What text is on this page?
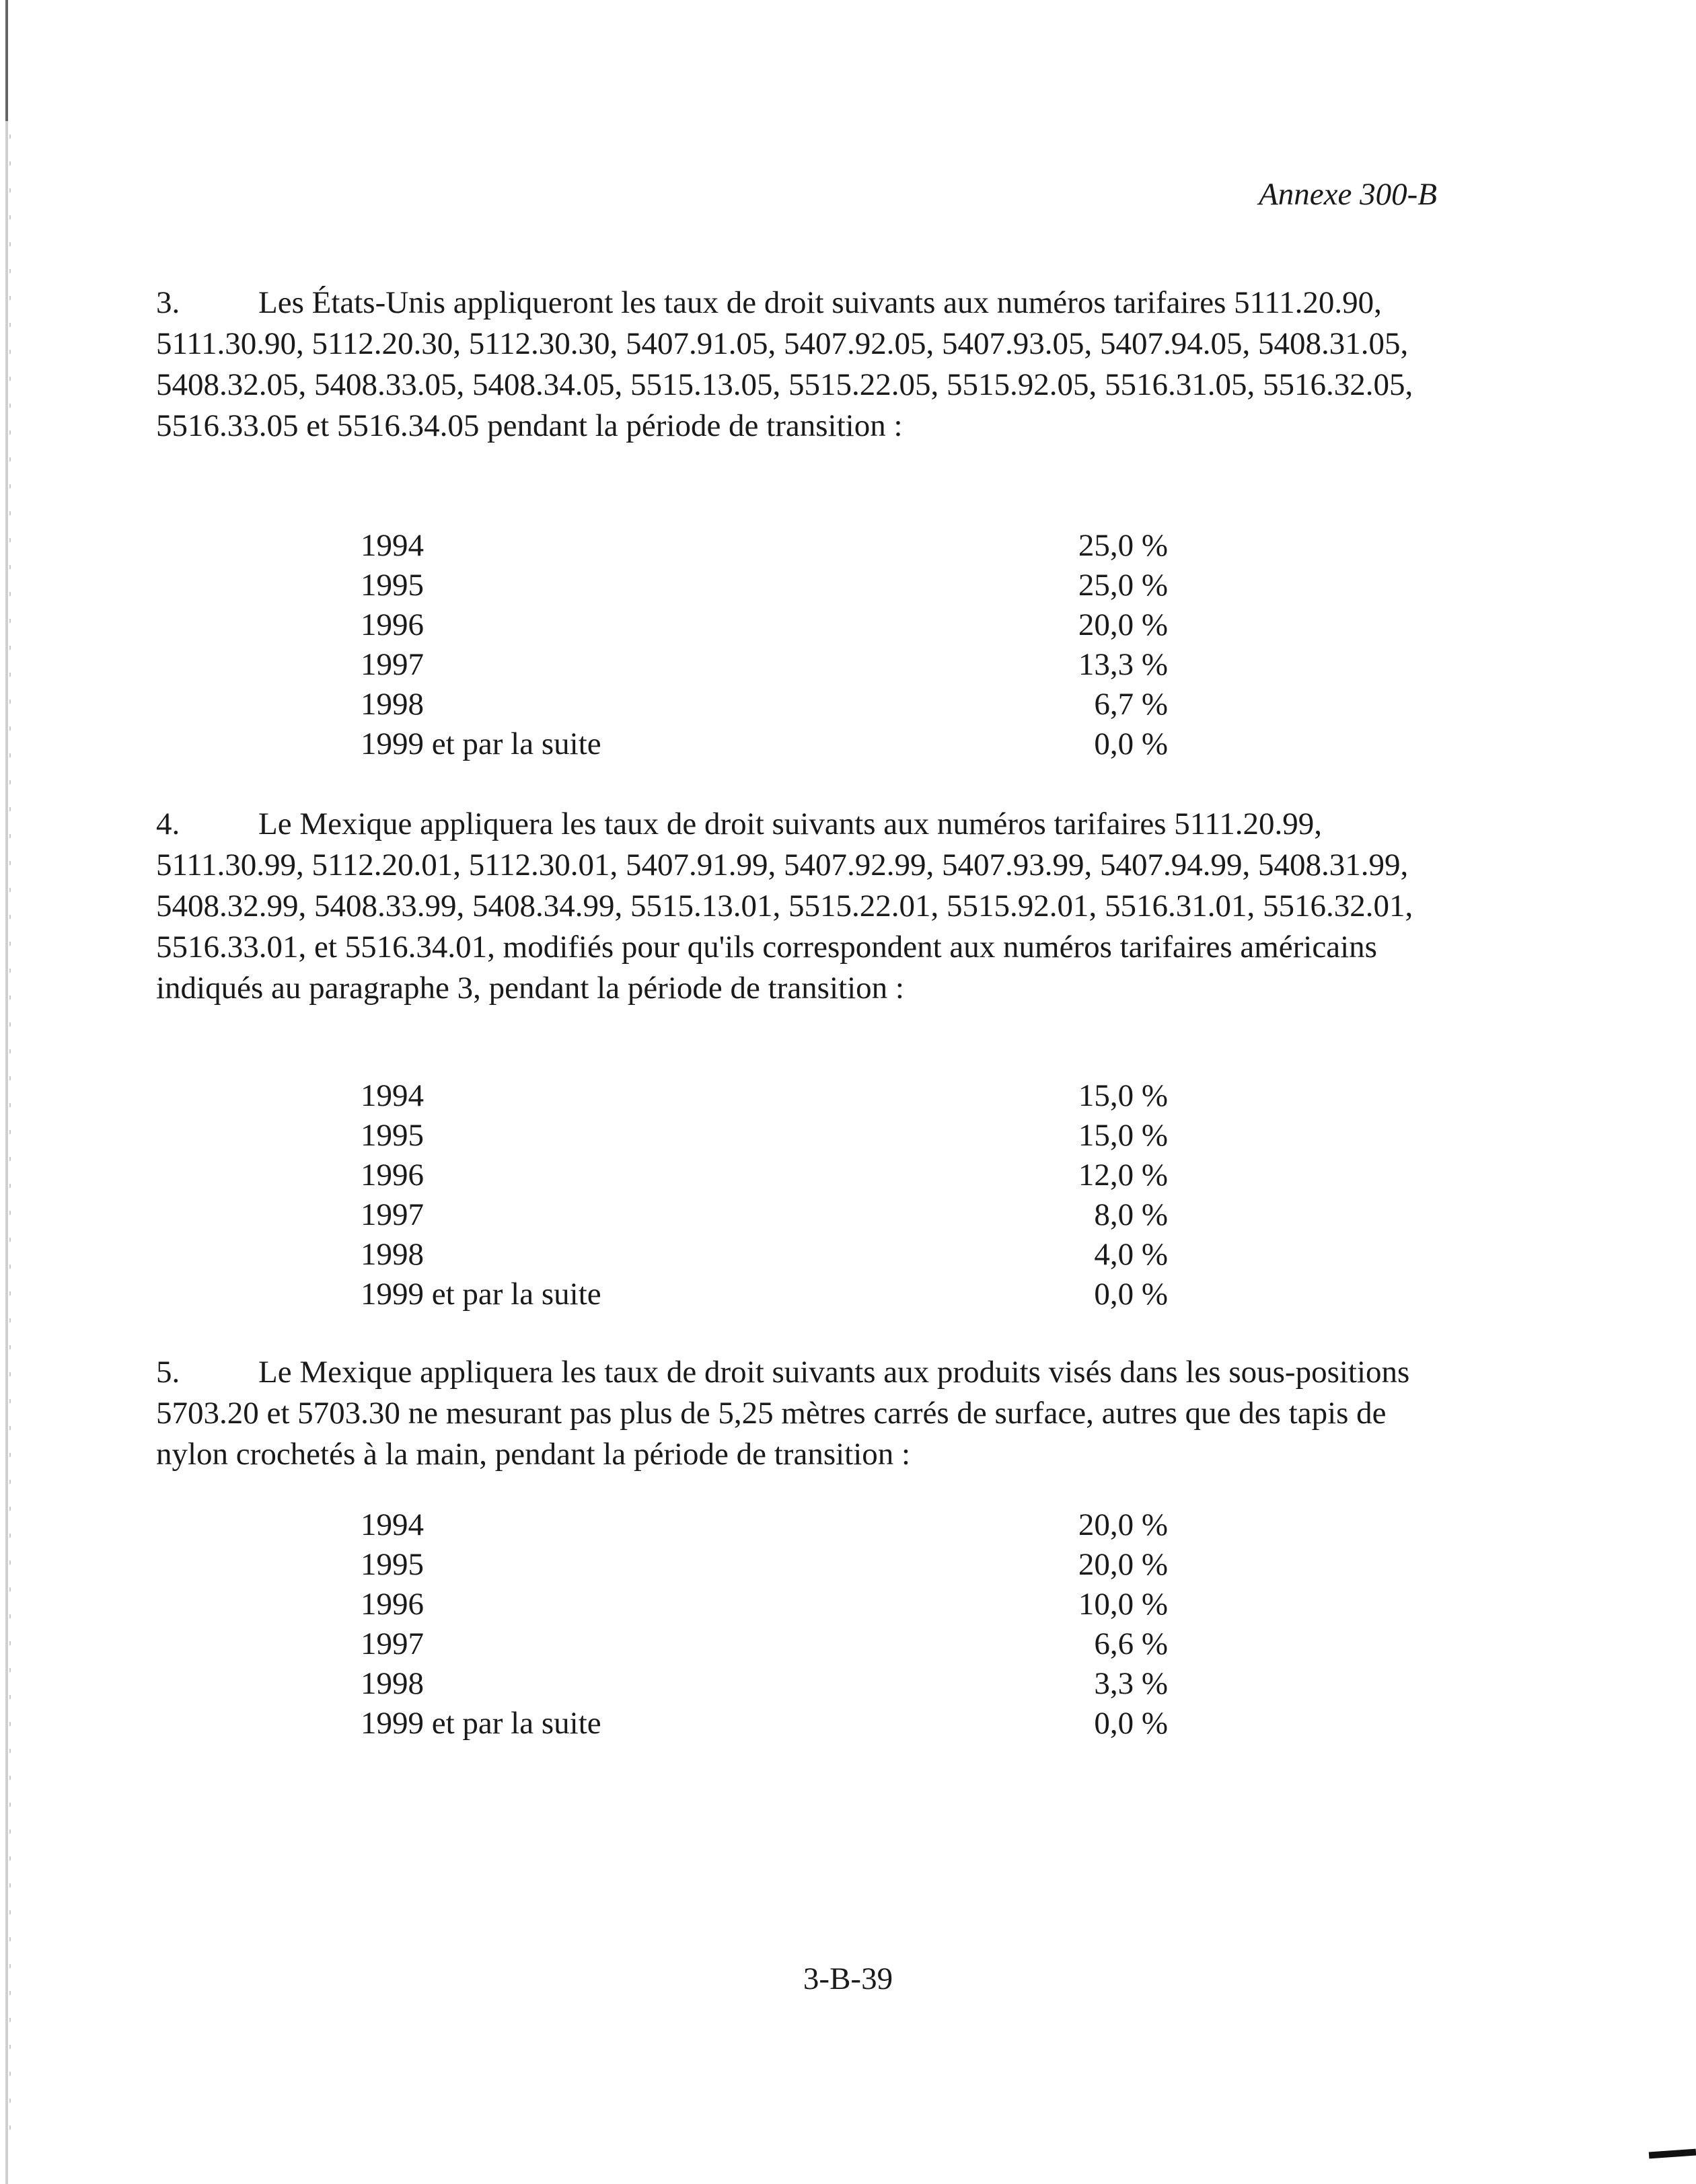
Annexe 300-B
3. Les États-Unis appliqueront les taux de droit suivants aux numéros tarifaires 5111.20.90, 5111.30.90, 5112.20.30, 5112.30.30, 5407.91.05, 5407.92.05, 5407.93.05, 5407.94.05, 5408.31.05, 5408.32.05, 5408.33.05, 5408.34.05, 5515.13.05, 5515.22.05, 5515.92.05, 5516.31.05, 5516.32.05, 5516.33.05 et 5516.34.05 pendant la période de transition :
1994	25,0 %
1995	25,0 %
1996	20,0 %
1997	13,3 %
1998	6,7 %
1999 et par la suite	0,0 %
4. Le Mexique appliquera les taux de droit suivants aux numéros tarifaires 5111.20.99, 5111.30.99, 5112.20.01, 5112.30.01, 5407.91.99, 5407.92.99, 5407.93.99, 5407.94.99, 5408.31.99, 5408.32.99, 5408.33.99, 5408.34.99, 5515.13.01, 5515.22.01, 5515.92.01, 5516.31.01, 5516.32.01, 5516.33.01, et 5516.34.01, modifiés pour qu'ils correspondent aux numéros tarifaires américains indiqués au paragraphe 3, pendant la période de transition :
1994	15,0 %
1995	15,0 %
1996	12,0 %
1997	8,0 %
1998	4,0 %
1999 et par la suite	0,0 %
5. Le Mexique appliquera les taux de droit suivants aux produits visés dans les sous-positions 5703.20 et 5703.30 ne mesurant pas plus de 5,25 mètres carrés de surface, autres que des tapis de nylon crochetés à la main, pendant la période de transition :
1994	20,0 %
1995	20,0 %
1996	10,0 %
1997	6,6 %
1998	3,3 %
1999 et par la suite	0,0 %
3-B-39
